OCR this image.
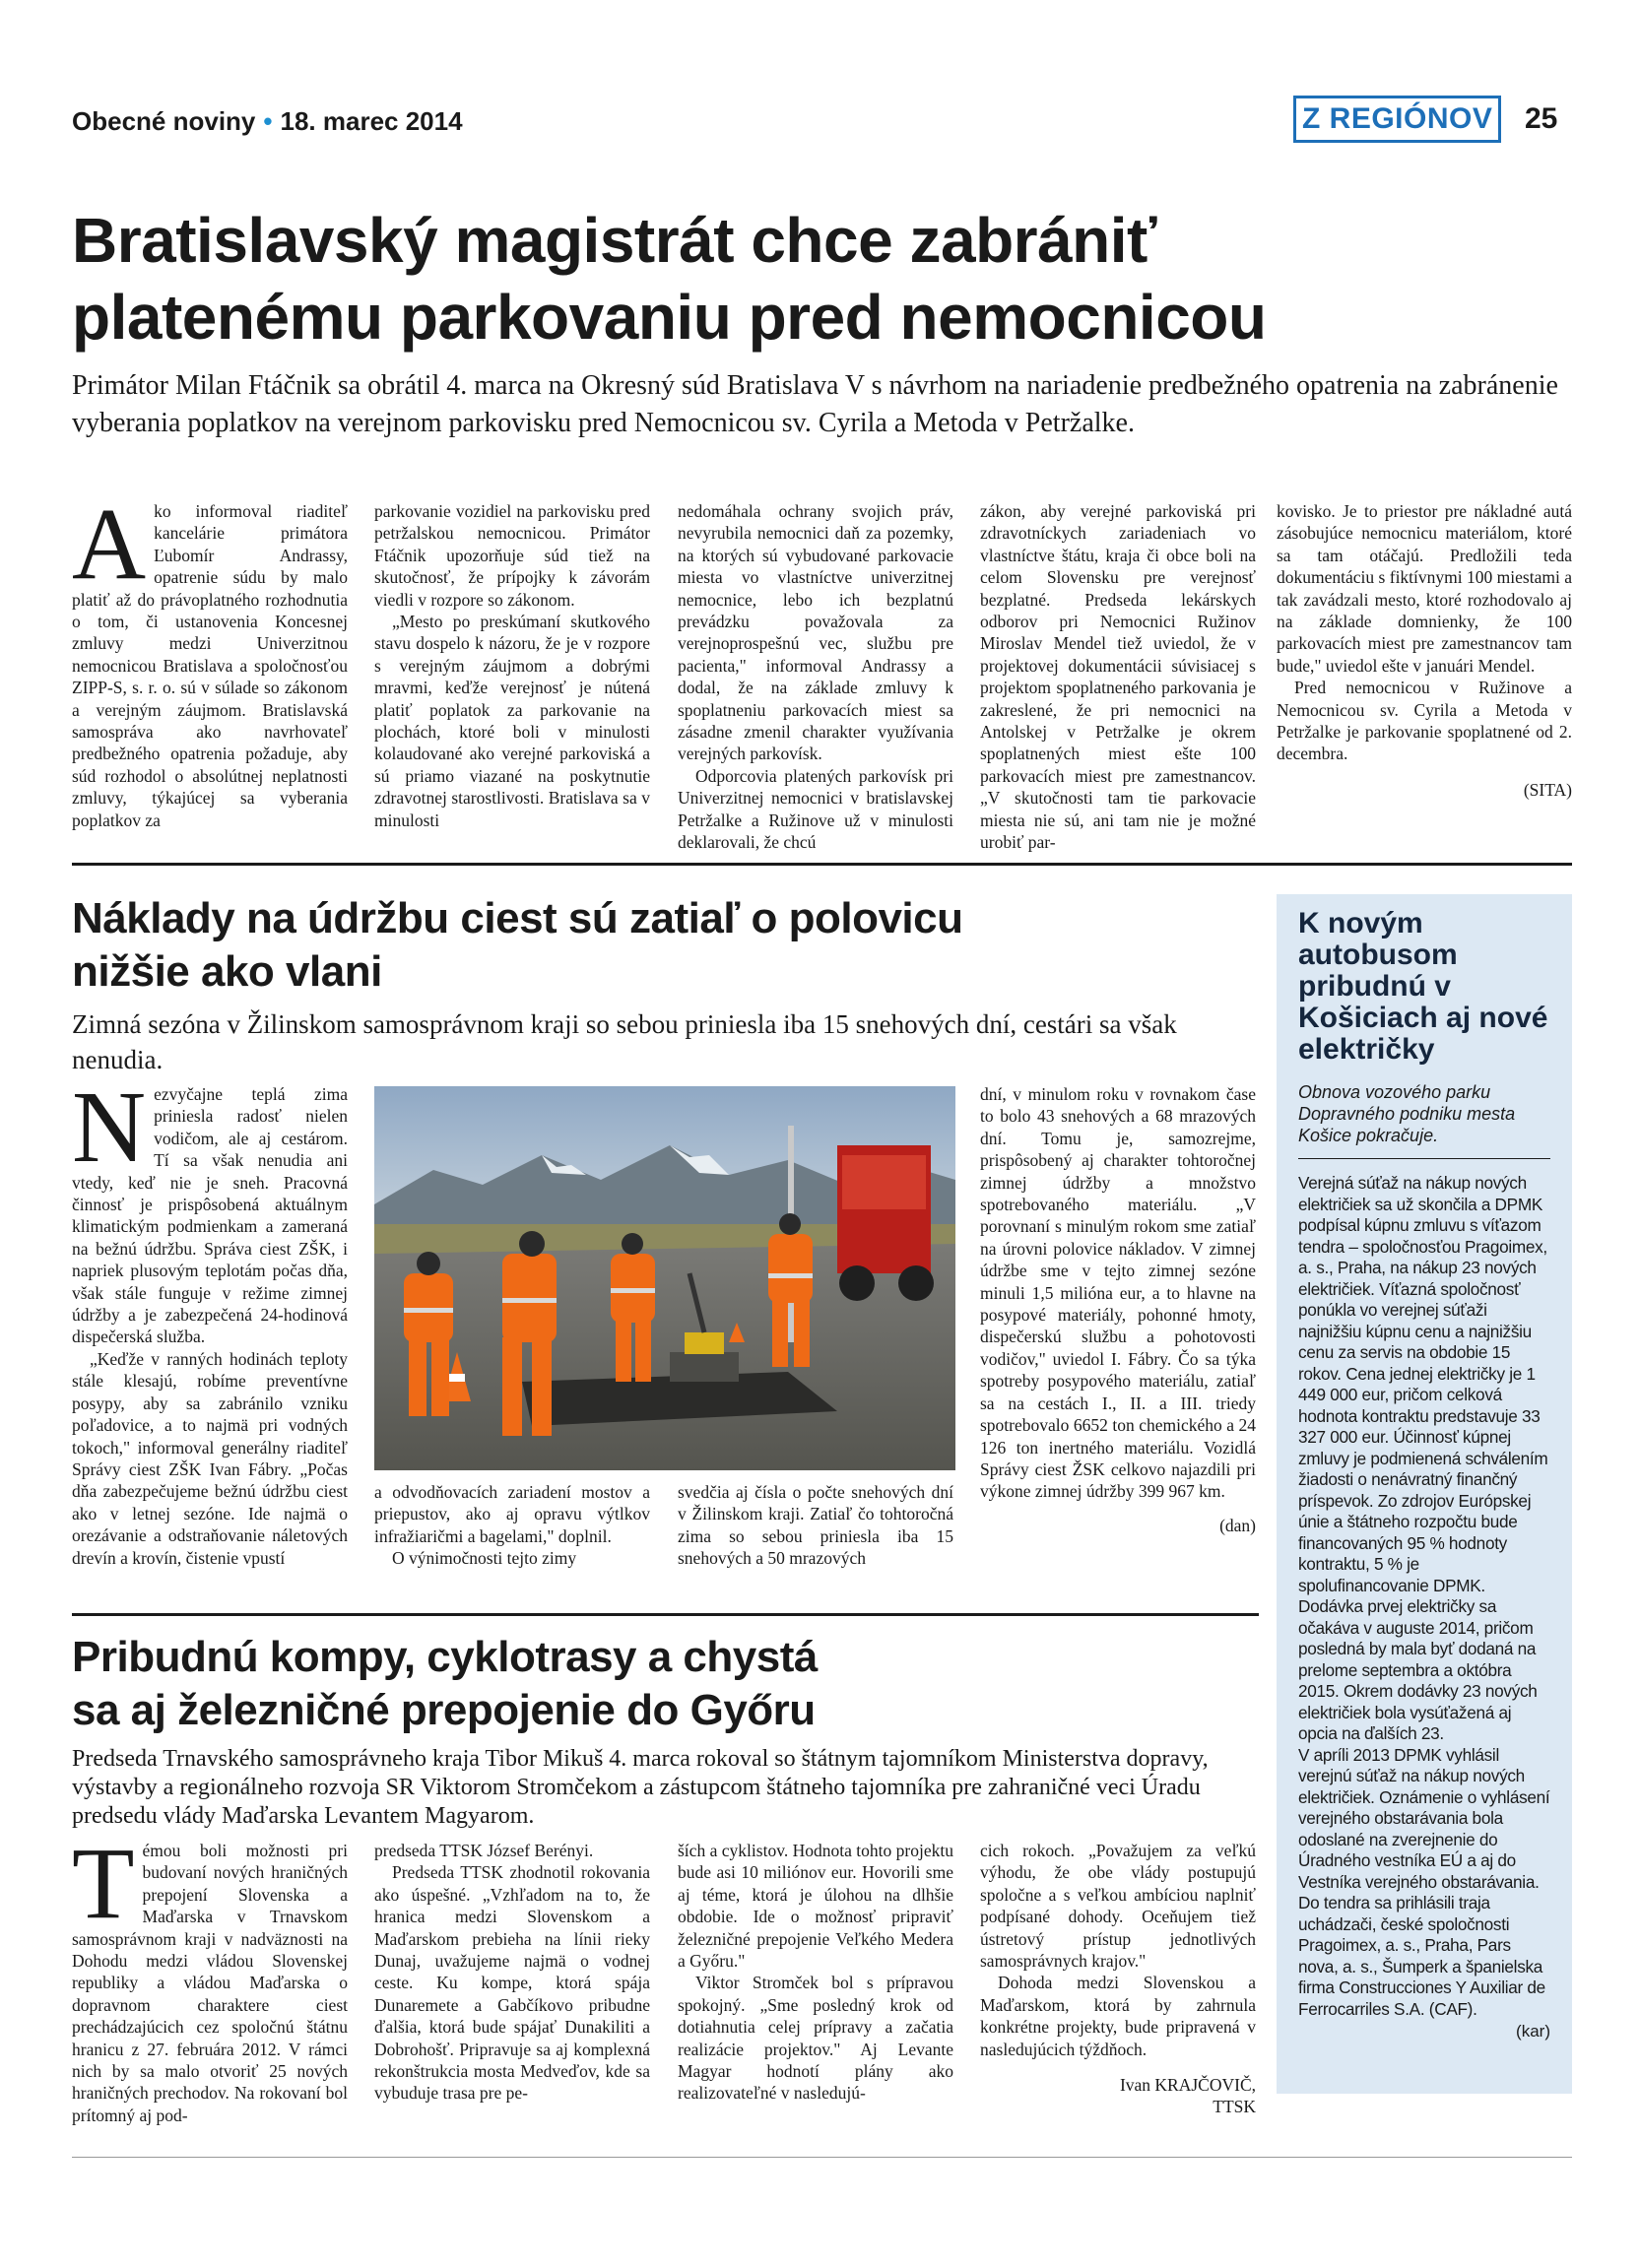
Obecné noviny • 18. marec 2014	Z REGIÓNOV	25
Bratislavský magistrát chce zabrániť
platenému parkovaniu pred nemocnicou

Primátor Milan Ftáčnik sa obrátil 4. marca na Okresný súd Bratislava V s návrhom na nariadenie predbežného opatrenia na zabránenie vyberania poplatkov na verejnom parkovisku pred Nemocnicou sv. Cyrila a Metoda v Petržalke.

Ako informoval riaditeľ kancelárie primátora Ľubomír Andrassy, opatrenie súdu by malo platiť až do právoplatného rozhodnutia o tom, či ustanovenia Koncesnej zmluvy medzi Univerzitnou nemocnicou Bratislava a spoločnosťou ZIPP-S, s. r. o. sú v súlade so zákonom a verejným záujmom. Bratislavská samospráva ako navrhovateľ predbežného opatrenia požaduje, aby súd rozhodol o absolútnej neplatnosti zmluvy, týkajúcej sa vyberania poplatkov za

parkovanie vozidiel na parkovisku pred petržalskou nemocnicou. Primátor Ftáčnik upozorňuje súd tiež na skutočnosť, že prípojky k závorám viedli v rozpore so zákonom.

„Mesto po preskúmaní skutkového stavu dospelo k názoru, že je v rozpore s verejným záujmom a dobrými mravmi, keďže verejnosť je nútená platiť poplatok za parkovanie na plochách, ktoré boli v minulosti kolaudované ako verejné parkoviská a sú priamo viazané na poskytnutie zdravotnej starostlivosti. Bratislava sa v minulosti

nedomáhala ochrany svojich práv, nevyrubila nemocnici daň za pozemky, na ktorých sú vybudované parkovacie miesta vo vlastníctve univerzitnej nemocnice, lebo ich bezplatnú prevádzku považovala za verejnoprospešnú vec, službu pre pacienta," informoval Andrassy a dodal, že na základe zmluvy k spoplatneniu parkovacích miest sa zásadne zmenil charakter využívania verejných parkovísk.

Odporcovia platených parkovísk pri Univerzitnej nemocnici v bratislavskej Petržalke a Ružinove už v minulosti deklarovali, že chcú

zákon, aby verejné parkoviská pri zdravotníckych zariadeniach vo vlastníctve štátu, kraja či obce boli na celom Slovensku pre verejnosť bezplatné. Predseda lekárskych odborov pri Nemocnici Ružinov Miroslav Mendel tiež uviedol, že v projektovej dokumentácii súvisiacej s projektom spoplatneného parkovania je zakreslené, že pri nemocnici na Antolskej v Petržalke je okrem spoplatnených miest ešte 100 parkovacích miest pre zamestnancov. „V skutočnosti tam tie parkovacie miesta nie sú, ani tam nie je možné urobiť par-

kovisko. Je to priestor pre nákladné autá zásobujúce nemocnicu materiálom, ktoré sa tam otáčajú. Predložili teda dokumentáciu s fiktívnymi 100 miestami a tak zavádzali mesto, ktoré rozhodovalo aj na základe domnienky, že 100 parkovacích miest pre zamestnancov tam bude," uviedol ešte v januári Mendel.

Pred nemocnicou v Ružinove a Nemocnicou sv. Cyrila a Metoda v Petržalke je parkovanie spoplatnené od 2. decembra.

(SITA)
Náklady na údržbu ciest sú zatiaľ o polovicu
nižšie ako vlani

Zimná sezóna v Žilinskom samosprávnom kraji so sebou priniesla iba 15 snehových dní, cestári sa však nenudia.

Nezvyčajne teplá zima priniesla radosť nielen vodičom, ale aj cestárom. Tí sa však nenudia ani vtedy, keď nie je sneh. Pracovná činnosť je prispôsobená aktuálnym klimatickým podmienkam a zameraná na bežnú údržbu. Správa ciest ZŠK, i napriek plusovým teplotám počas dňa, však stále funguje v režime zimnej údržby a je zabezpečená 24-hodinová dispečerská služba.

„Keďže v ranných hodinách teploty stále klesajú, robíme preventívne posypy, aby sa zabránilo vzniku poľadovice, a to najmä pri vodných tokoch," informoval generálny riaditeľ Správy ciest ZŠK Ivan Fábry. „Počas dňa zabezpečujeme bežnú údržbu ciest ako v letnej sezóne. Ide najmä o orezávanie a odstraňovanie náletových drevín a krovín, čistenie vpustí

a odvodňovacích zariadení mostov a priepustov, ako aj opravu výtlkov infražiaričmi a bagelami," doplnil.

O výnimočnosti tejto zimy

svedčia aj čísla o počte snehových dní v Žilinskom kraji. Zatiaľ čo tohtoročná zima so sebou priniesla iba 15 snehových a 50 mrazových

dní, v minulom roku v rovnakom čase to bolo 43 snehových a 68 mrazových dní. Tomu je, samozrejme, prispôsobený aj charakter tohtoročnej zimnej údržby a množstvo spotrebovaného materiálu. „V porovnaní s minulým rokom sme zatiaľ na úrovni polovice nákladov. V zimnej údržbe sme v tejto zimnej sezóne minuli 1,5 milióna eur, a to hlavne na posypové materiály, pohonné hmoty, dispečerskú službu a pohotovosti vodičov," uviedol I. Fábry. Čo sa týka spotreby posypového materiálu, zatiaľ sa na cestách I., II. a III. triedy spotrebovalo 6652 ton chemického a 24 126 ton inertného materiálu. Vozidlá Správy ciest ŽSK celkovo najazdili pri výkone zimnej údržby 399 967 km.

(dan)
K novým autobusom pribudnú v Košiciach aj nové električky
Obnova vozového parku Dopravného podniku mesta Košice pokračuje.

Verejná súťaž na nákup nových električiek sa už skončila a DPMK podpísal kúpnu zmluvu s víťazom tendra – spoločnosťou Pragoimex, a. s., Praha, na nákup 23 nových električiek. Víťazná spoločnosť ponúkla vo verejnej súťaži najnižšiu kúpnu cenu a najnižšiu cenu za servis na obdobie 15 rokov. Cena jednej električky je 1 449 000 eur, pričom celková hodnota kontraktu predstavuje 33 327 000 eur. Účinnosť kúpnej zmluvy je podmienená schválením žiadosti o nenávratný finančný príspevok. Zo zdrojov Európskej únie a štátneho rozpočtu bude financovaných 95 % hodnoty kontraktu, 5 % je spolufinancovanie DPMK. Dodávka prvej električky sa očakáva v auguste 2014, pričom posledná by mala byť dodaná na prelome septembra a októbra 2015. Okrem dodávky 23 nových električiek bola vysúťažená aj opcia na ďalších 23.

V apríli 2013 DPMK vyhlásil verejnú súťaž na nákup nových električiek. Oznámenie o vyhlásení verejného obstarávania bola odoslané na zverejnenie do Úradného vestníka EÚ a aj do Vestníka verejného obstarávania. Do tendra sa prihlásili traja uchádzači, české spoločnosti Pragoimex, a. s., Praha, Pars nova, a. s., Šumperk a španielska firma Construcciones Y Auxiliar de Ferrocarriles S.A. (CAF).

(kar)
Pribudnú kompy, cyklotrasy a chystá
sa aj železničné prepojenie do Győru

Predseda Trnavského samosprávneho kraja Tibor Mikuš 4. marca rokoval so štátnym tajomníkom Ministerstva dopravy, výstavby a regionálneho rozvoja SR Viktorom Stromčekom a zástupcom štátneho tajomníka pre zahraničné veci Úradu predsedu vlády Maďarska Levantem Magyarom.

Témou boli možnosti pri budovaní nových hraničných prepojení Slovenska a Maďarska v Trnavskom samosprávnom kraji v nadväznosti na Dohodu medzi vládou Slovenskej republiky a vládou Maďarska o dopravnom charaktere ciest prechádzajúcich cez spoločnú štátnu hranicu z 27. februára 2012. V rámci nich by sa malo otvoriť 25 nových hraničných prechodov. Na rokovaní bol prítomný aj pod-

predseda TTSK József Berényi.

Predseda TTSK zhodnotil rokovania ako úspešné. „Vzhľadom na to, že hranica medzi Slovenskom a Maďarskom prebieha na línii rieky Dunaj, uvažujeme najmä o vodnej ceste. Ku kompe, ktorá spája Dunaremete a Gabčíkovo pribudne ďalšia, ktorá bude spájať Dunakiliti a Dobrohošť. Pripravuje sa aj komplexná rekonštrukcia mosta Medveďov, kde sa vybuduje trasa pre pe-

ších a cyklistov. Hodnota tohto projektu bude asi 10 miliónov eur. Hovorili sme aj téme, ktorá je úlohou na dlhšie obdobie. Ide o možnosť pripraviť železničné prepojenie Veľkého Medera a Győru."

Viktor Stromček bol s prípravou spokojný. „Sme posledný krok od dotiahnutia celej prípravy a začatia realizácie projektov." Aj Levante Magyar hodnotí plány ako realizovateľné v nasledujú-

cich rokoch. „Považujem za veľkú výhodu, že obe vlády postupujú spoločne a s veľkou ambíciou naplniť podpísané dohody. Oceňujem tiež ústretový prístup jednotlivých samosprávnych krajov."

Dohoda medzi Slovenskou a Maďarskom, ktorá by zahrnula konkrétne projekty, bude pripravená v nasledujúcich týždňoch.

Ivan KRAJČOVIČ,
TTSK
